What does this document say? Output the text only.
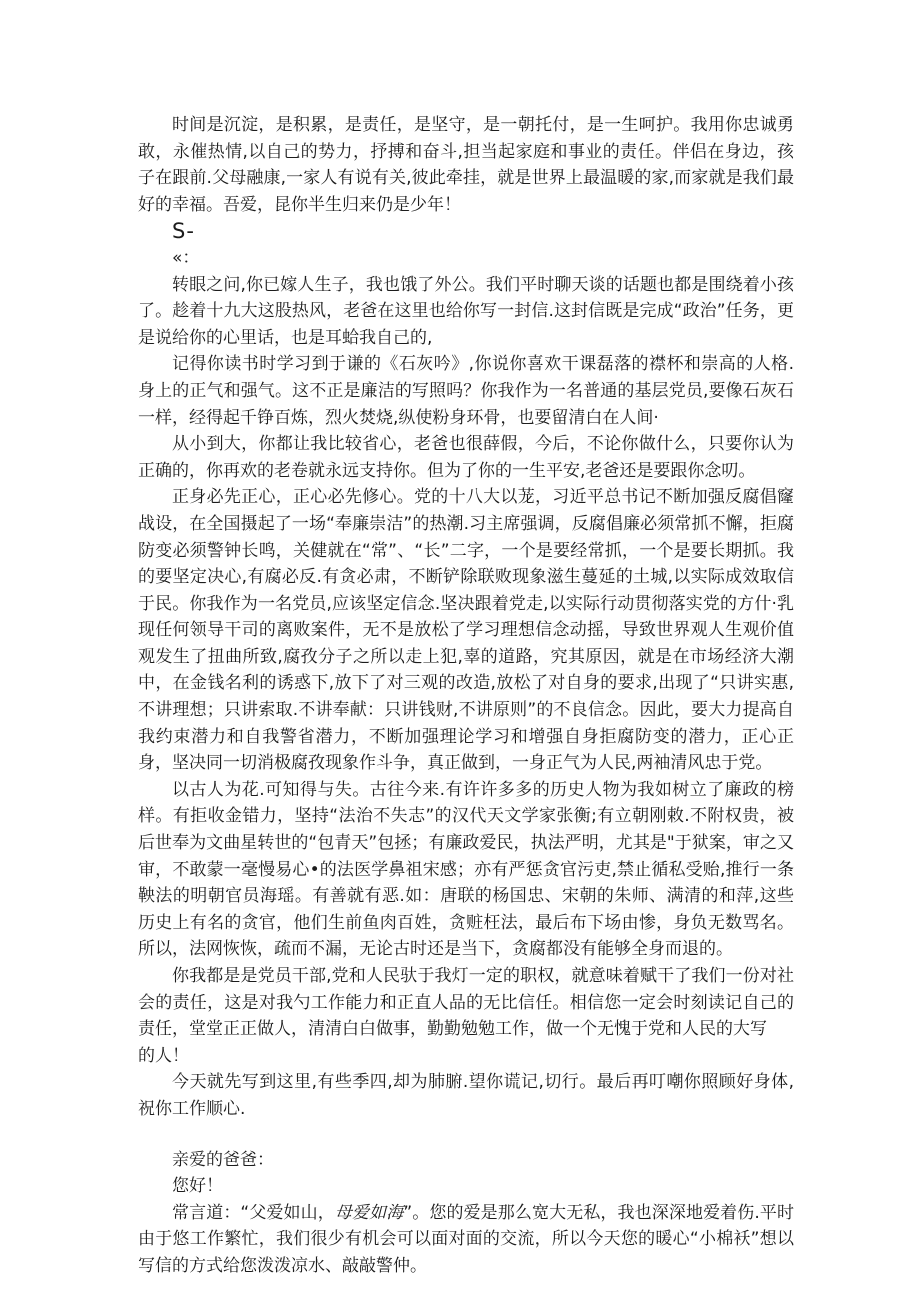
时间是沉淀，是积累，是责任，是坚守，是一朝托付，是一生呵护。我用你忠诚勇敢，永催热情,以自己的势力，抒搏和奋斗,担当起家庭和事业的责任。伴侣在身边，孩子在跟前.父母融康,一家人有说有关,彼此牵挂，就是世界上最温暖的家,而家就是我们最好的幸福。吾爱，昆你半生归来仍是少年！

S-

«：

转眼之问,你已嫁人生子，我也饿了外公。我们平时聊天谈的话题也都是围绕着小孩了。趁着十九大这股热风，老爸在这里也给你写一封信.这封信既是完成“政治”任务，更是说给你的心里话，也是耳蛤我自己的,

记得你读书时学习到于谦的《石灰吟》,你说你喜欢干课磊落的襟杯和崇高的人格.身上的正气和强气。这不正是廉洁的写照吗？你我作为一名普通的基层党员,要像石灰石一样，经得起千铮百炼，烈火焚烧,纵使粉身环骨，也要留清白在人间·

从小到大，你都让我比较省心，老爸也很薛假，今后，不论你做什么，只要你认为正确的，你再欢的老卷就永远支持你。但为了你的一生平安,老爸还是要跟你念叨。

正身必先正心，正心必先修心。党的十八大以茏，习近平总书记不断加强反腐倡窿战设，在全国摄起了一场“奉廉崇洁”的热潮.习主席强调，反腐倡廉必须常抓不懈，拒腐防变必须警钟长鸣，关健就在“常”、“长”二字，一个是要经常抓，一个是要长期抓。我的要坚定决心,有腐必反.有贪必肃，不断铲除联败现象滋生蔓延的土城,以实际成效取信于民。你我作为一名党员,应该坚定信念.坚决跟着党走,以实际行动贯彻落实党的方什·乳现任何领导干司的离败案件，无不是放松了学习理想信念动摇，导致世界观人生观价值观发生了扭曲所致,腐孜分子之所以走上犯,辜的道路，究其原因，就是在市场经济大潮中，在金钱名利的诱惑下,放下了对三观的改造,放松了对自身的要求,出现了“只讲实惠,不讲理想；只讲索取.不讲奉献：只讲钱财,不讲原则”的不良信念。因此，要大力提高自我约束潜力和自我警省潜力，不断加强理论学习和增强自身拒腐防变的潜力，正心正身，坚决同一切消极腐孜现象作斗争，真正做到，一身正气为人民,两袖清风忠于党。

以古人为花.可知得与失。古往今来.有许许多多的历史人物为我如树立了廉政的榜样。有拒收金错力，坚持“法治不失志”的汉代天文学家张衡;有立朝刚敕.不附权贵，被后世奉为文曲星转世的“包青天”包拯；有廉政爱民，执法严明，尤其是"于狱案，审之又审，不敢蒙一毫慢易心•的法医学鼻祖宋感；亦有严惩贪官污吏,禁止循私受贻,推行一条鞅法的明朝官员海瑶。有善就有恶.如：唐联的杨国忠、宋朝的朱师、满清的和萍,这些历史上有名的贪官，他们生前鱼肉百姓，贪赃枉法，最后布下场由惨，身负无数骂名。所以，法网恢恢，疏而不漏，无论古时还是当下，贪腐都没有能够全身而退的。

你我都是是党员干部,党和人民驮于我灯一定的职权，就意味着赋干了我们一份对社会的责任，这是对我勺工作能力和正直人品的无比信任。相信您一定会时刻读记自己的责任，堂堂正正做人，清清白白做事，勤勤勉勉工作，做一个无愧于党和人民的大写

的人！

今天就先写到这里,有些季四,却为肺腑.望你谎记,切行。最后再叮嘲你照顾好身体,祝你工作顺心.

亲爱的爸爸：

您好！

常言道：“父爱如山，母爱如海”。您的爱是那么宽大无私，我也深深地爱着伤.平时由于悠工作繁忙，我们很少有机会可以面对面的交流，所以今天您的暖心“小棉袄”想以写信的方式给您泼泼凉水、敲敲警仲。
